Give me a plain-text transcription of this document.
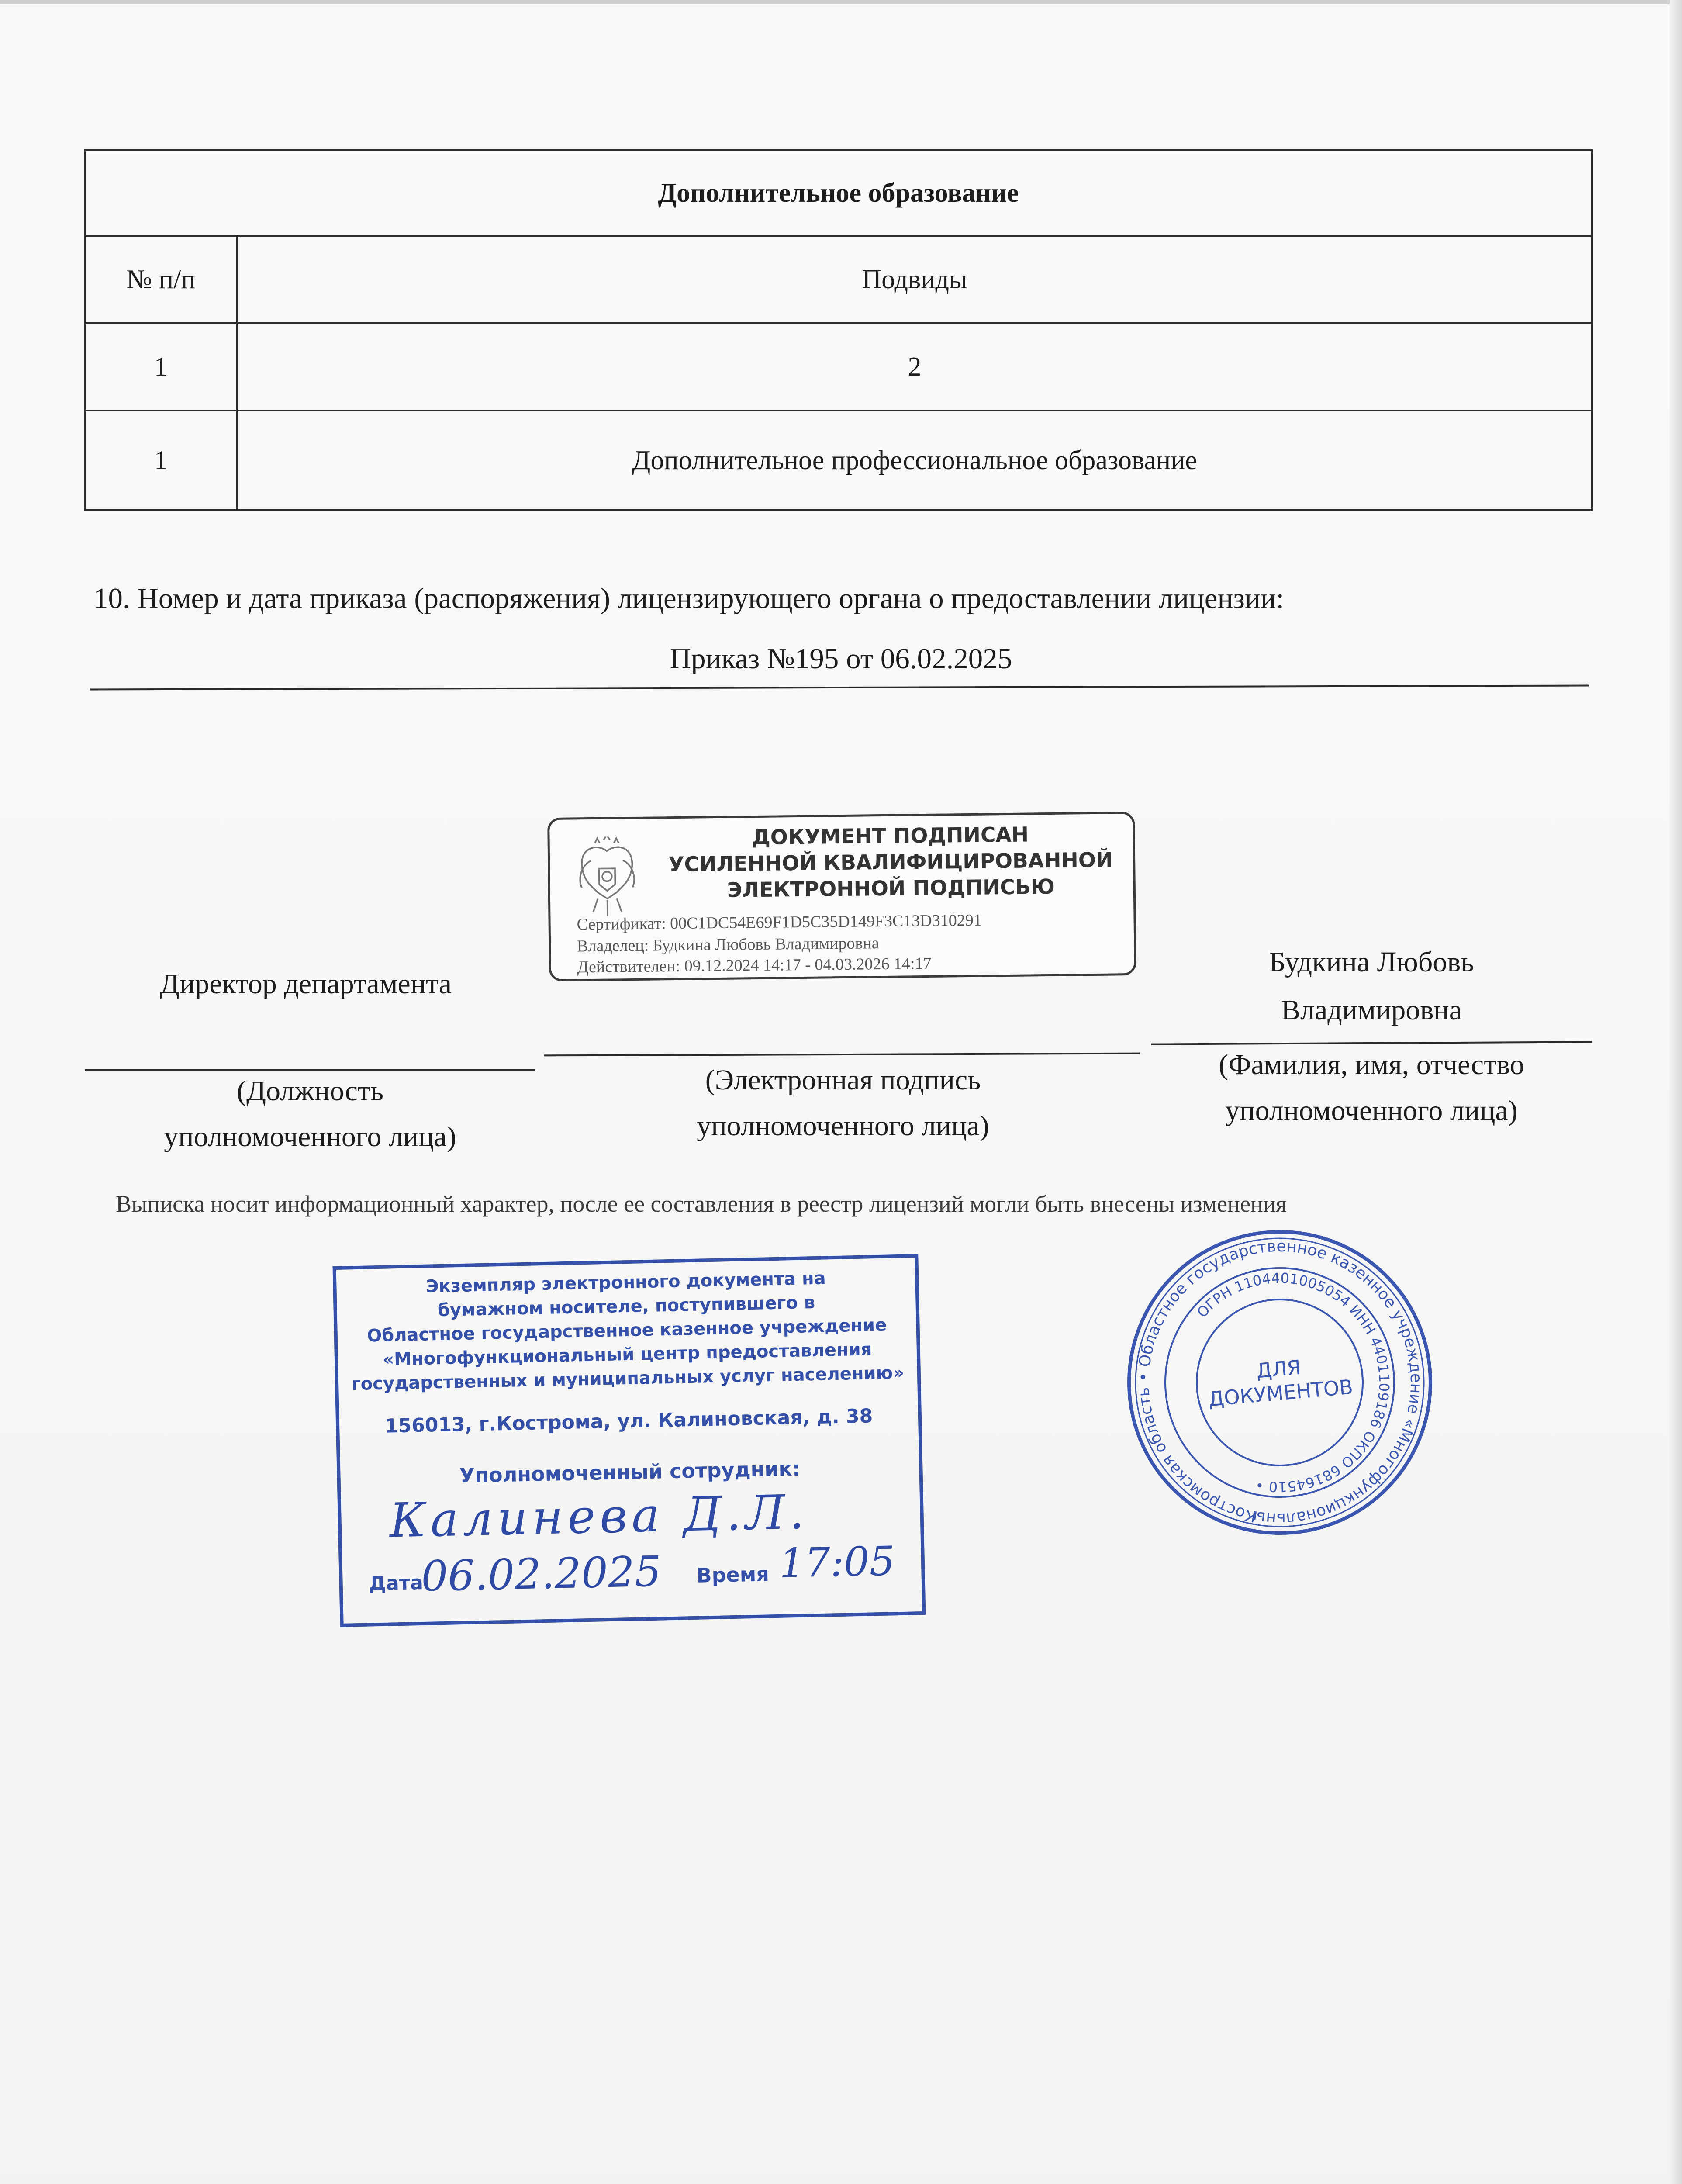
Дополнительное образование	
№ п/п	Подвиды
1	2
1	Дополнительное профессиональное образование
10. Номер и дата приказа (распоряжения) лицензирующего органа о предоставлении лицензии:
Приказ №195 от 06.02.2025
ДОКУМЕНТ ПОДПИСАН
УСИЛЕННОЙ КВАЛИФИЦИРОВАННОЙ
ЭЛЕКТРОННОЙ ПОДПИСЬЮ
Сертификат: 00C1DC54E69F1D5C35D149F3C13D310291
Владелец: Будкина Любовь Владимировна
Действителен: 09.12.2024 14:17 - 04.03.2026 14:17
Директор департамента
Будкина Любовь
Владимировна
(Должность
уполномоченного лица)
(Электронная подпись
уполномоченного лица)
(Фамилия, имя, отчество
уполномоченного лица)
Выписка носит информационный характер, после ее составления в реестр лицензий могли быть внесены изменения
Экземпляр электронного документа на
бумажном носителе, поступившего в
Областное государственное казенное учреждение
«Многофункциональный центр предоставления
государственных и муниципальных услуг населению»
156013, г.Кострома, ул. Калиновская, д. 38
Уполномоченный сотрудник:
Калинева Д.Л.
Дата
06.02.2025 Время 17:05
Костромская область • Областное государственное казенное учреждение «Многофункциональный
ОГРН 1104401005054 ИНН 4401109186 ОКПО 68164510 •
ДЛЯ
ДОКУМЕНТОВ
